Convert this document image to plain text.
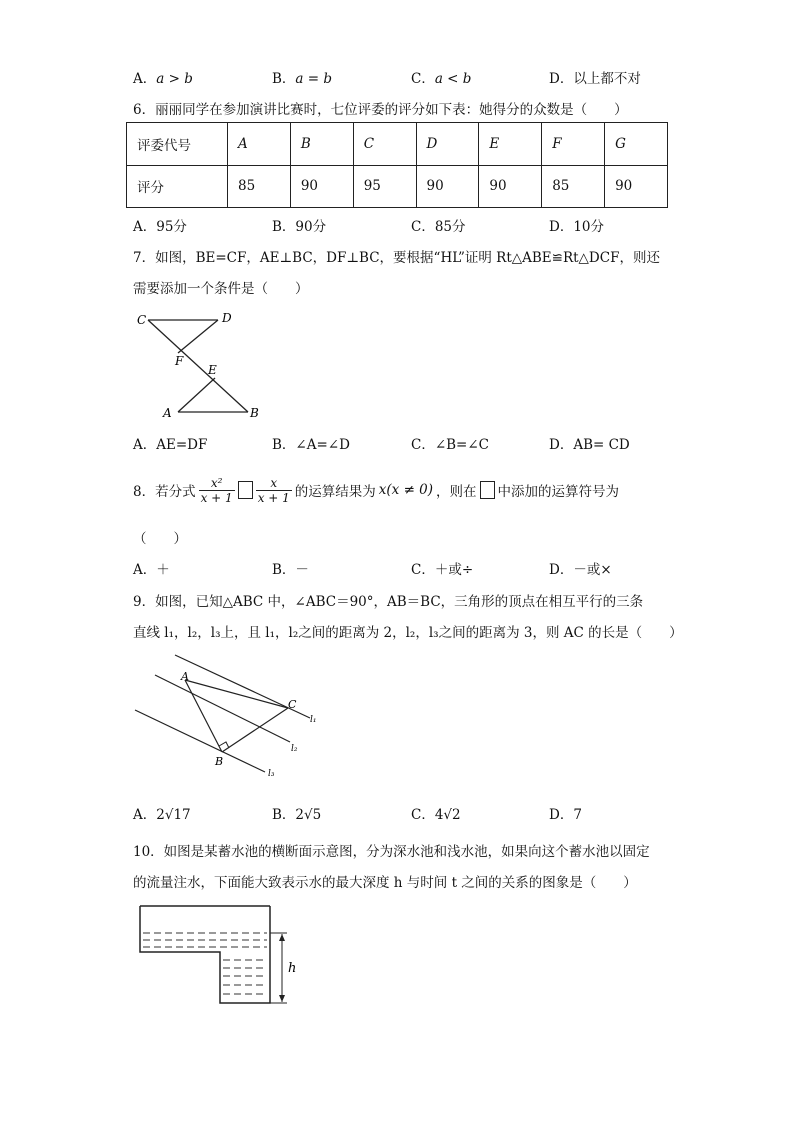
A．a > b	B．a = b	C．a < b	D．以上都不对
6．丽丽同学在参加演讲比赛时，七位评委的评分如下表：她得分的众数是（　　）
评委代号	A	B	C	D	E	F	G
评分	85	90	95	90	90	85	90
A．95分	B．90分	C．85分	D．10分
7．如图，BE=CF，AE⊥BC，DF⊥BC，要根据“HL”证明 Rt△ABE≌Rt△DCF，则还
需要添加一个条件是（　　）
C	D
F
E
A	B
A．AE=DF	B．∠A=∠D	C．∠B=∠C	D．AB= CD
8．若分式 $\frac{\text{x²}}{x + 1} \frac{x}{x + 1}$ 的运算结果为 x(x ≠ 0) ，则在 中添加的运算符号为
（　　）
A．＋	B．－	C．＋或÷	D．－或×
9．如图，已知△ABC 中，∠ABC＝90°，AB＝BC，三角形的顶点在相互平行的三条
直线 l₁，l₂，l₃上，且 l₁，l₂之间的距离为 2，l₂，l₃之间的距离为 3，则 AC 的长是（　　）
A
C
B
l₁
l₂
l₃
A．2√17	B．2√5	C．4√2	D．7
10．如图是某蓄水池的横断面示意图，分为深水池和浅水池，如果向这个蓄水池以固定
的流量注水，下面能大致表示水的最大深度 h 与时间 t 之间的关系的图象是（　　）
h
